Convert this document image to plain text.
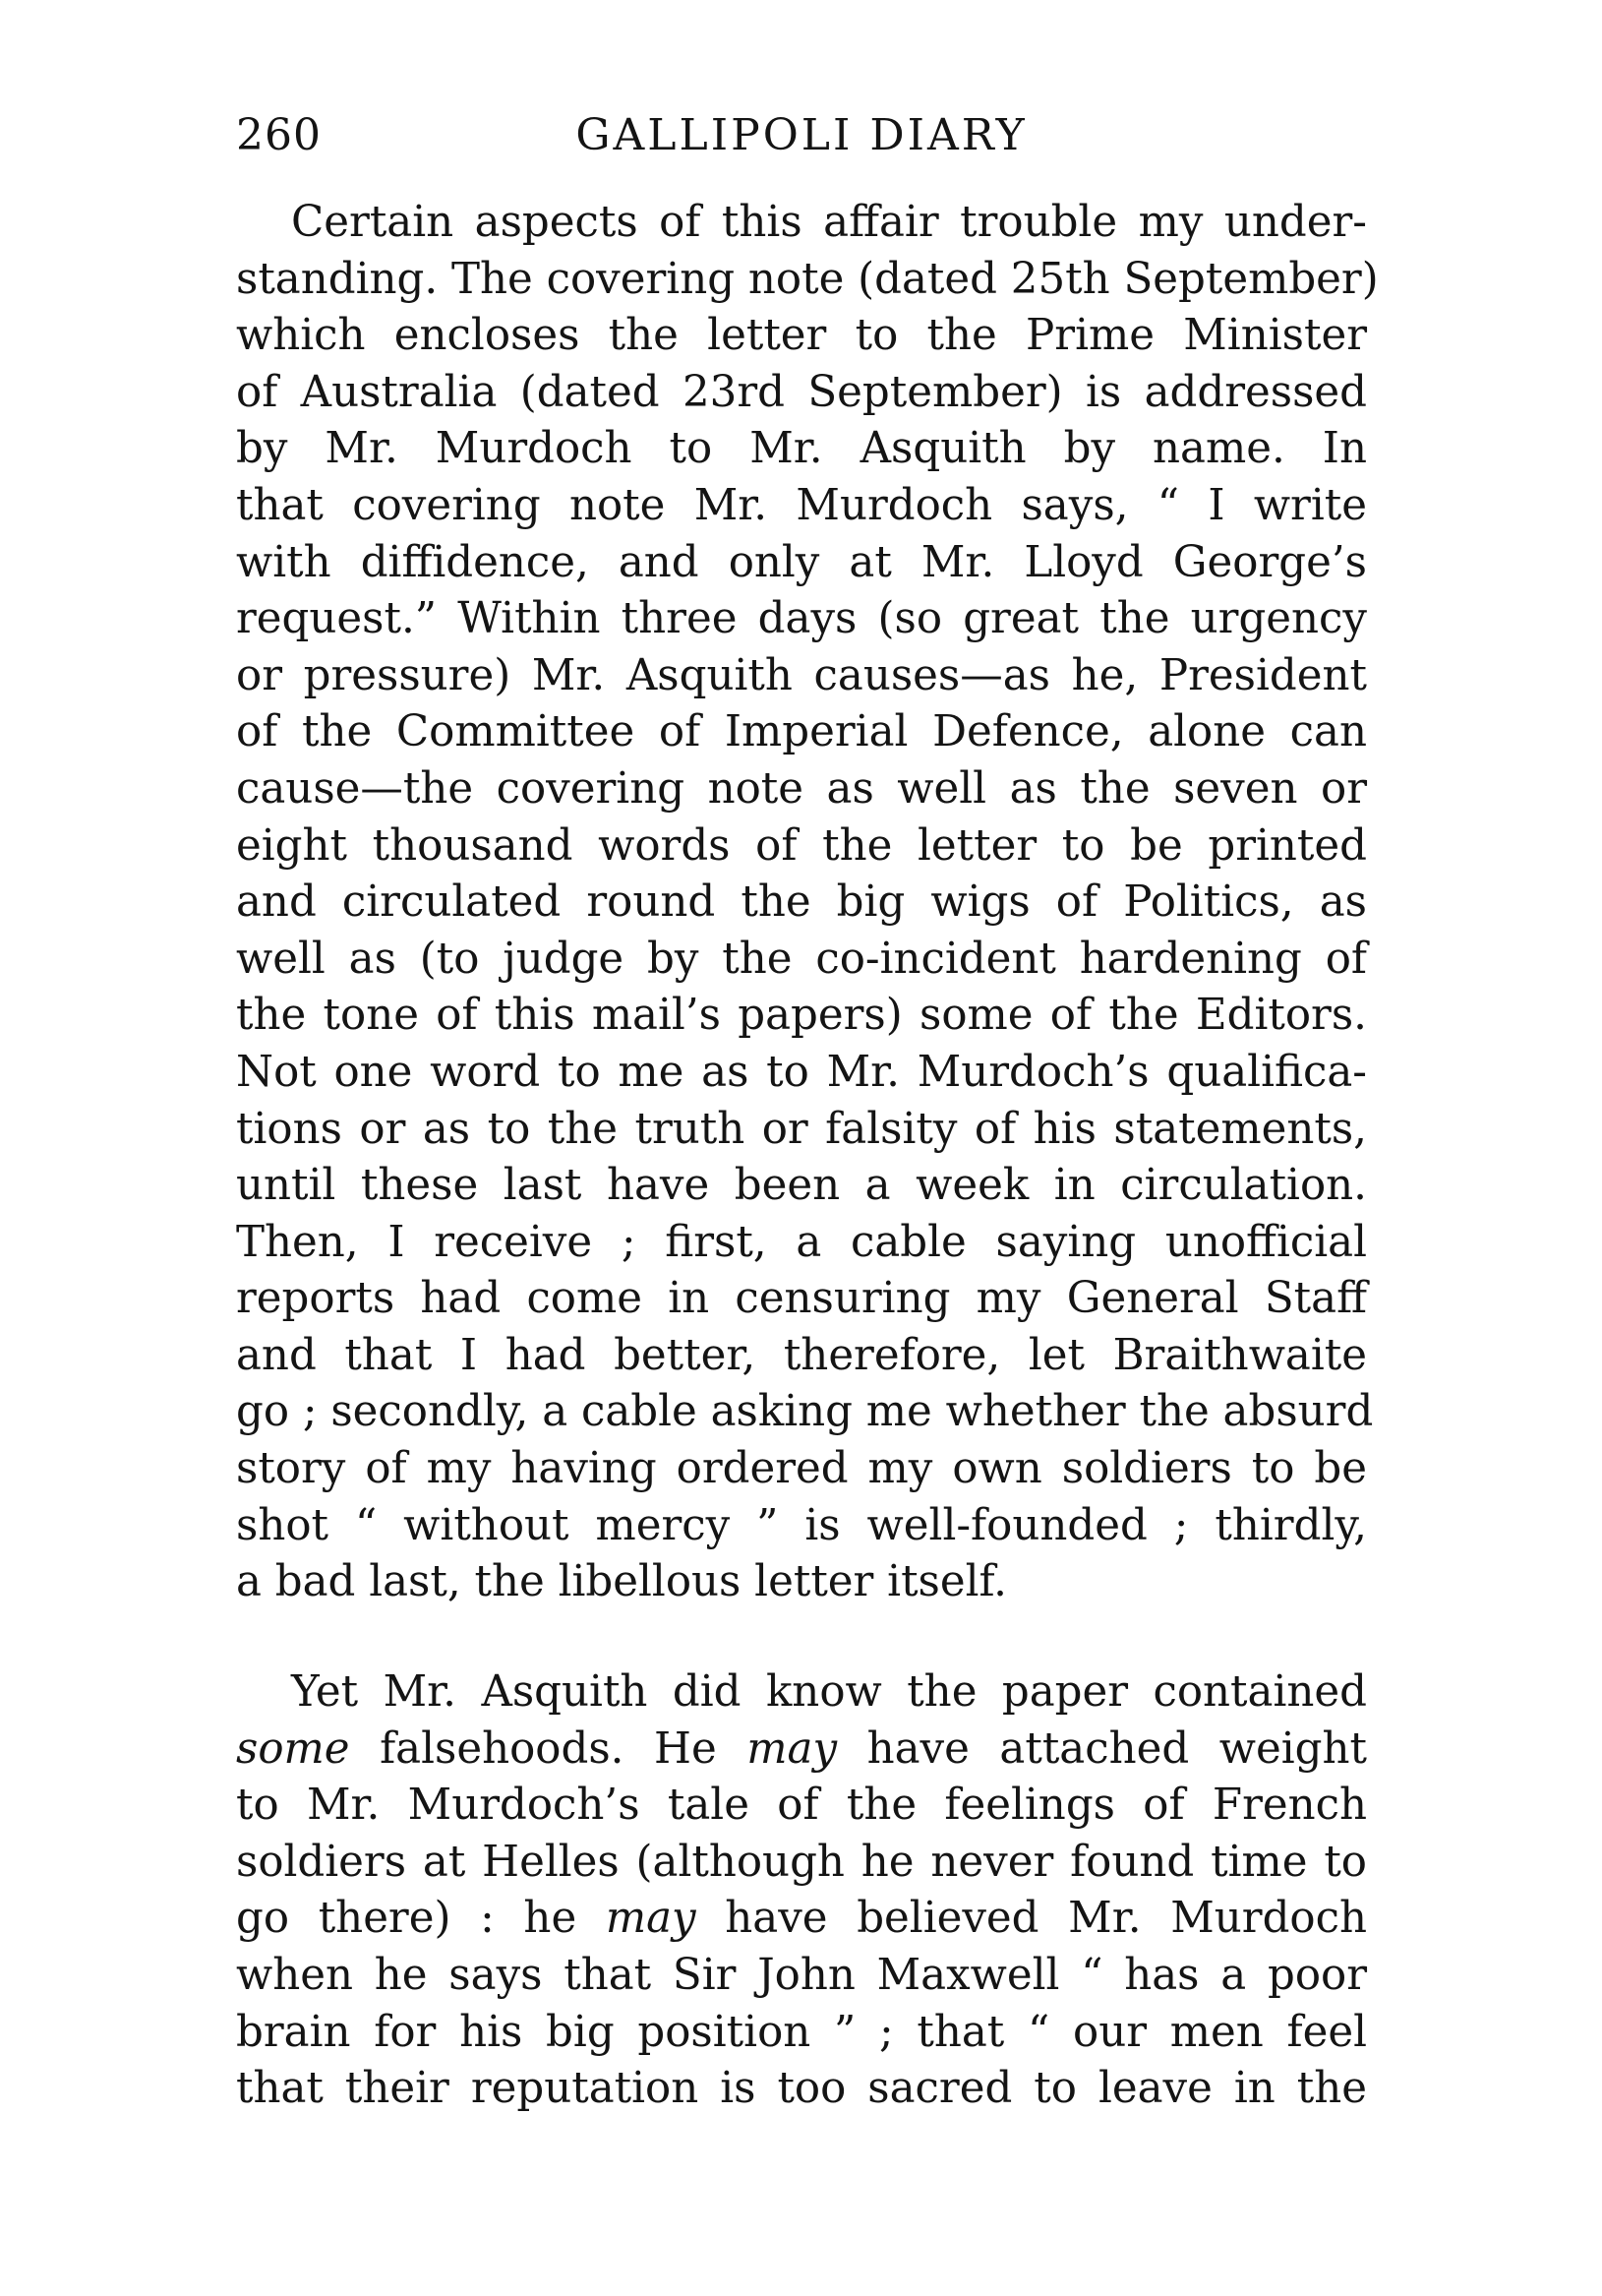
260	GALLIPOLI DIARY
Certain aspects of this affair trouble my under-
standing. The covering note (dated 25th September)
which encloses the letter to the Prime Minister
of Australia (dated 23rd September) is addressed
by Mr. Murdoch to Mr. Asquith by name. In
that covering note Mr. Murdoch says, “ I write
with diffidence, and only at Mr. Lloyd George’s
request.” Within three days (so great the urgency
or pressure) Mr. Asquith causes—as he, President
of the Committee of Imperial Defence, alone can
cause—the covering note as well as the seven or
eight thousand words of the letter to be printed
and circulated round the big wigs of Politics, as
well as (to judge by the co-incident hardening of
the tone of this mail’s papers) some of the Editors.
Not one word to me as to Mr. Murdoch’s qualifica-
tions or as to the truth or falsity of his statements,
until these last have been a week in circulation.
Then, I receive ; first, a cable saying unofficial
reports had come in censuring my General Staff
and that I had better, therefore, let Braithwaite
go ; secondly, a cable asking me whether the absurd
story of my having ordered my own soldiers to be
shot “ without mercy ” is well-founded ; thirdly,
a bad last, the libellous letter itself.
Yet Mr. Asquith did know the paper contained
some falsehoods. He may have attached weight
to Mr. Murdoch’s tale of the feelings of French
soldiers at Helles (although he never found time to
go there) : he may have believed Mr. Murdoch
when he says that Sir John Maxwell “ has a poor
brain for his big position ” ; that “ our men feel
that their reputation is too sacred to leave in the
